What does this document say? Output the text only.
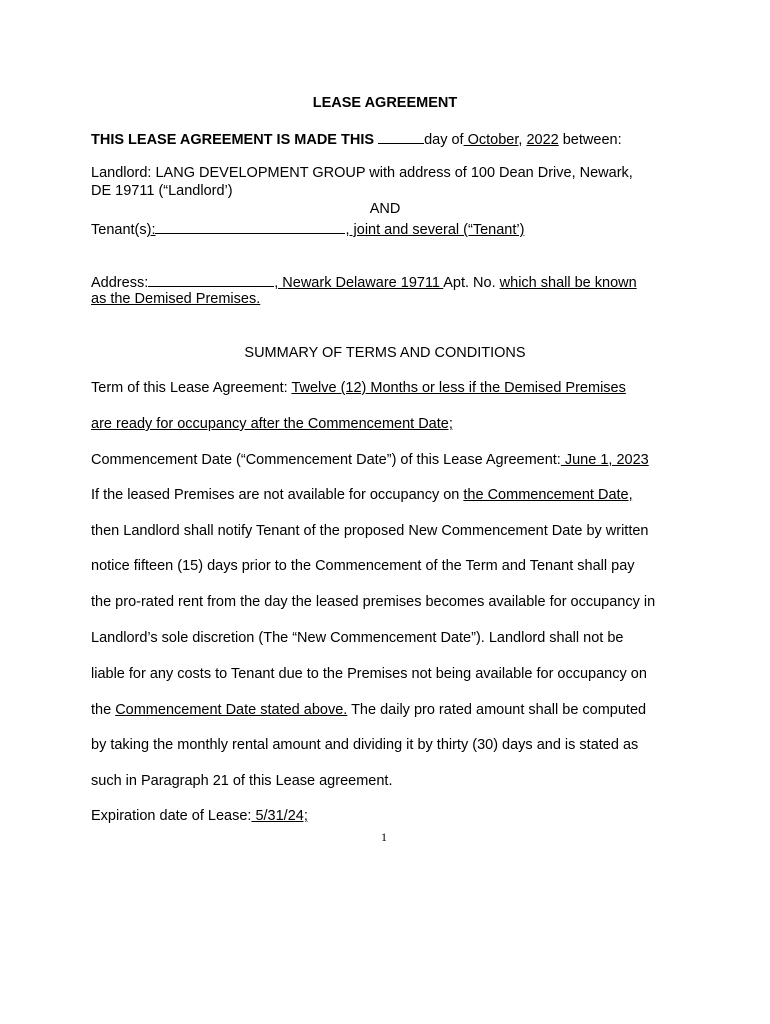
LEASE AGREEMENT
THIS LEASE AGREEMENT IS MADE THIS	day of October, 2022 between:
Landlord: LANG DEVELOPMENT GROUP with address of 100 Dean Drive, Newark,
DE 19711 (“Landlord’)
AND
Tenant(s):	, joint and several (“Tenant’)
Address:	, Newark Delaware 19711 Apt. No. which shall be known
as the Demised Premises.
SUMMARY OF TERMS AND CONDITIONS
Term of this Lease Agreement: Twelve (12) Months or less if the Demised Premises
are ready for occupancy after the Commencement Date;
Commencement Date (“Commencement Date”) of this Lease Agreement: June 1, 2023
If the leased Premises are not available for occupancy on the Commencement Date,
then Landlord shall notify Tenant of the proposed New Commencement Date by written
notice fifteen (15) days prior to the Commencement of the Term and Tenant shall pay
the pro-rated rent from the day the leased premises becomes available for occupancy in
Landlord’s sole discretion (The “New Commencement Date”). Landlord shall not be
liable for any costs to Tenant due to the Premises not being available for occupancy on
the Commencement Date stated above. The daily pro rated amount shall be computed
by taking the monthly rental amount and dividing it by thirty (30) days and is stated as
such in Paragraph 21 of this Lease agreement.
Expiration date of Lease: 5/31/24;
1
